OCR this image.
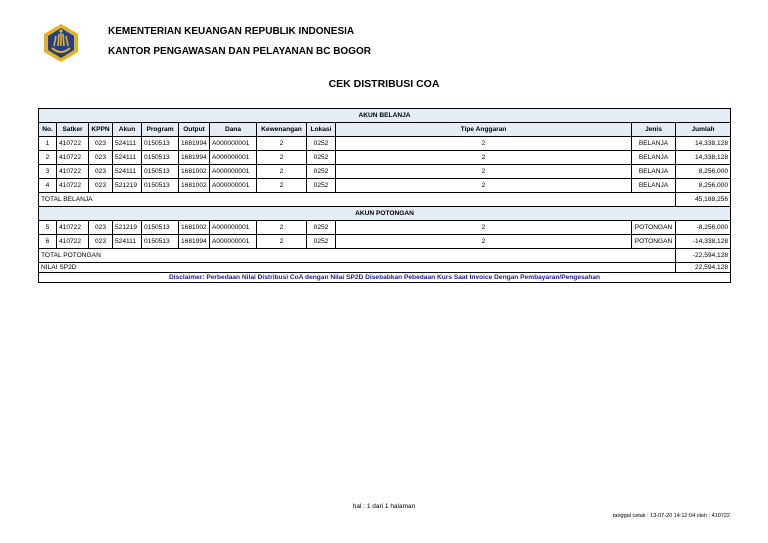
KEMENTERIAN KEUANGAN REPUBLIK INDONESIA
KANTOR PENGAWASAN DAN PELAYANAN BC BOGOR
CEK DISTRIBUSI COA
AKUN BELANJA											
No.	Satker	KPPN	Akun	Program	Output	Dana	Kewenangan	Lokasi	Tipe Anggaran	Jenis	Jumlah
1	410722	023	524111	0150513	1681994	A000000001	2	0252	2	BELANJA	14,338,128
2	410722	023	524111	0150513	1681994	A000000001	2	0252	2	BELANJA	14,338,128
3	410722	023	524111	0150513	1681002	A000000001	2	0252	2	BELANJA	8,256,000
4	410722	023	521219	0150513	1681002	A000000001	2	0252	2	BELANJA	8,256,000
TOTAL BELANJA											45,188,256
AKUN POTONGAN											
5	410722	023	521219	0150513	1681002	A000000001	2	0252	2	POTONGAN	-8,256,000
6	410722	023	524111	0150513	1681994	A000000001	2	0252	2	POTONGAN	-14,338,128
TOTAL POTONGAN											-22,594,128
NILAI SP2D											22,594,128
Disclaimer: Perbedaan Nilai Distribusi CoA dengan Nilai SP2D Disebabkan Pebedaan Kurs Saat Invoice Dengan Pembayaran/Pengesahan											
hal : 1 dari 1 halaman
tanggal cetak : 13-07-20 14:12:04 oleh : 410722
